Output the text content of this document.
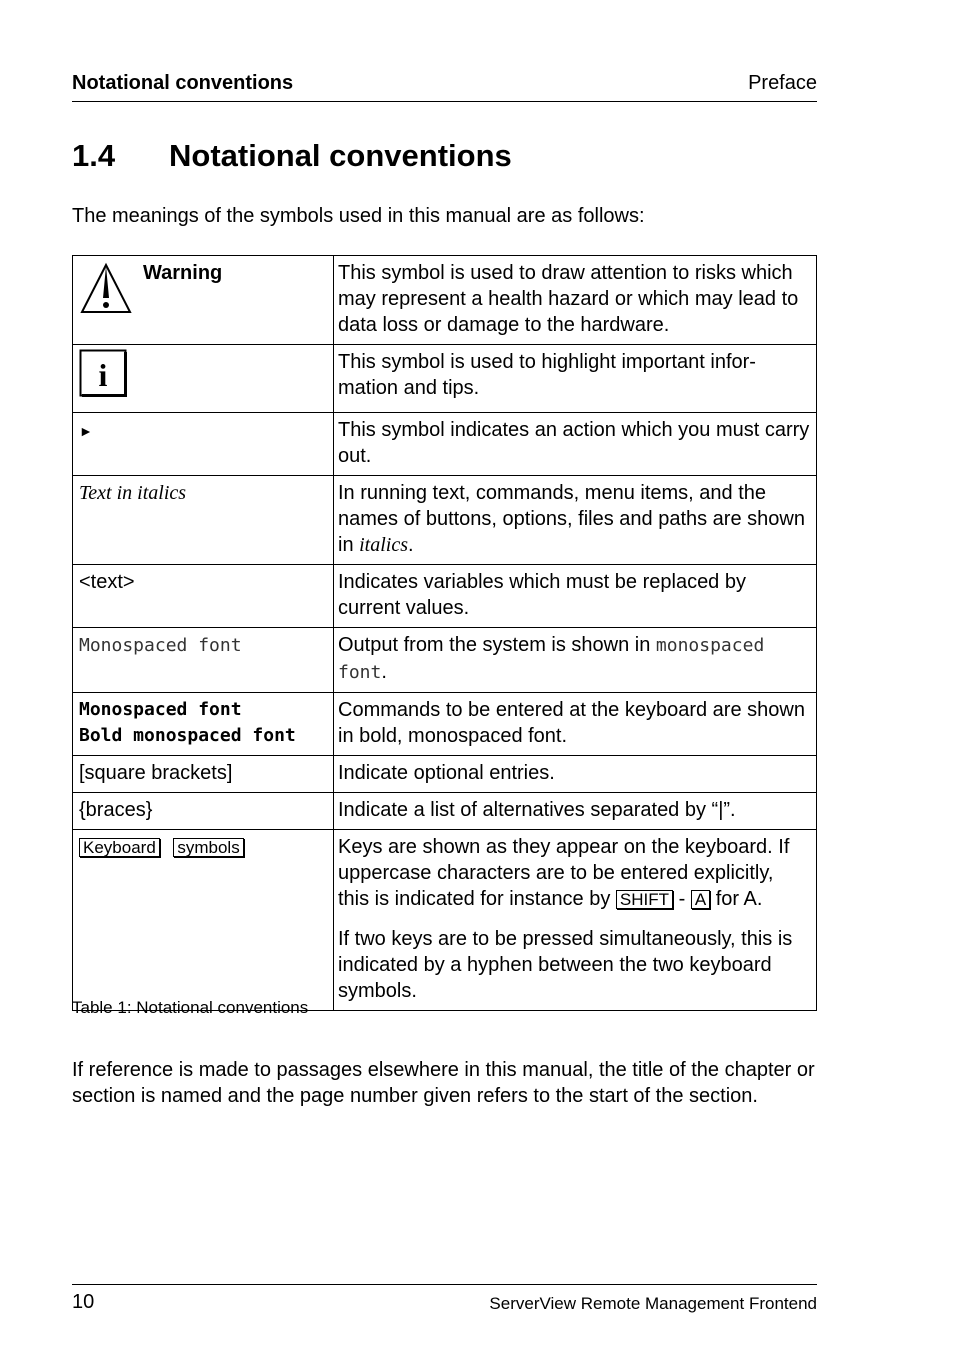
Notational conventions	Preface
1.4	Notational conventions

The meanings of the symbols used in this manual are as follows:

Warning	This symbol is used to draw attention to risks which may represent a health hazard or which may lead to data loss or damage to the hardware.

i	This symbol is used to highlight important infor-mation and tips.
►	This symbol indicates an action which you must carry out.
Text in italics	In running text, commands, menu items, and the names of buttons, options, files and paths are shown in italics.
<text>	Indicates variables which must be replaced by current values.
Monospaced font	Output from the system is shown in monospaced font.

Monospaced font
Bold monospaced font	Commands to be entered at the keyboard are shown in bold, monospaced font.
[square brackets]	Indicate optional entries.
{braces}	Indicate a list of alternatives separated by “|”.
Keyboard symbols	Keys are shown as they appear on the keyboard. If uppercase characters are to be entered explicitly, this is indicated for instance by SHIFT - A for A.
If two keys are to be pressed simultaneously, this is indicated by a hyphen between the two keyboard symbols.

Table 1: Notational conventions

If reference is made to passages elsewhere in this manual, the title of the chapter or section is named and the page number given refers to the start of the section.

10	ServerView Remote Management Frontend
